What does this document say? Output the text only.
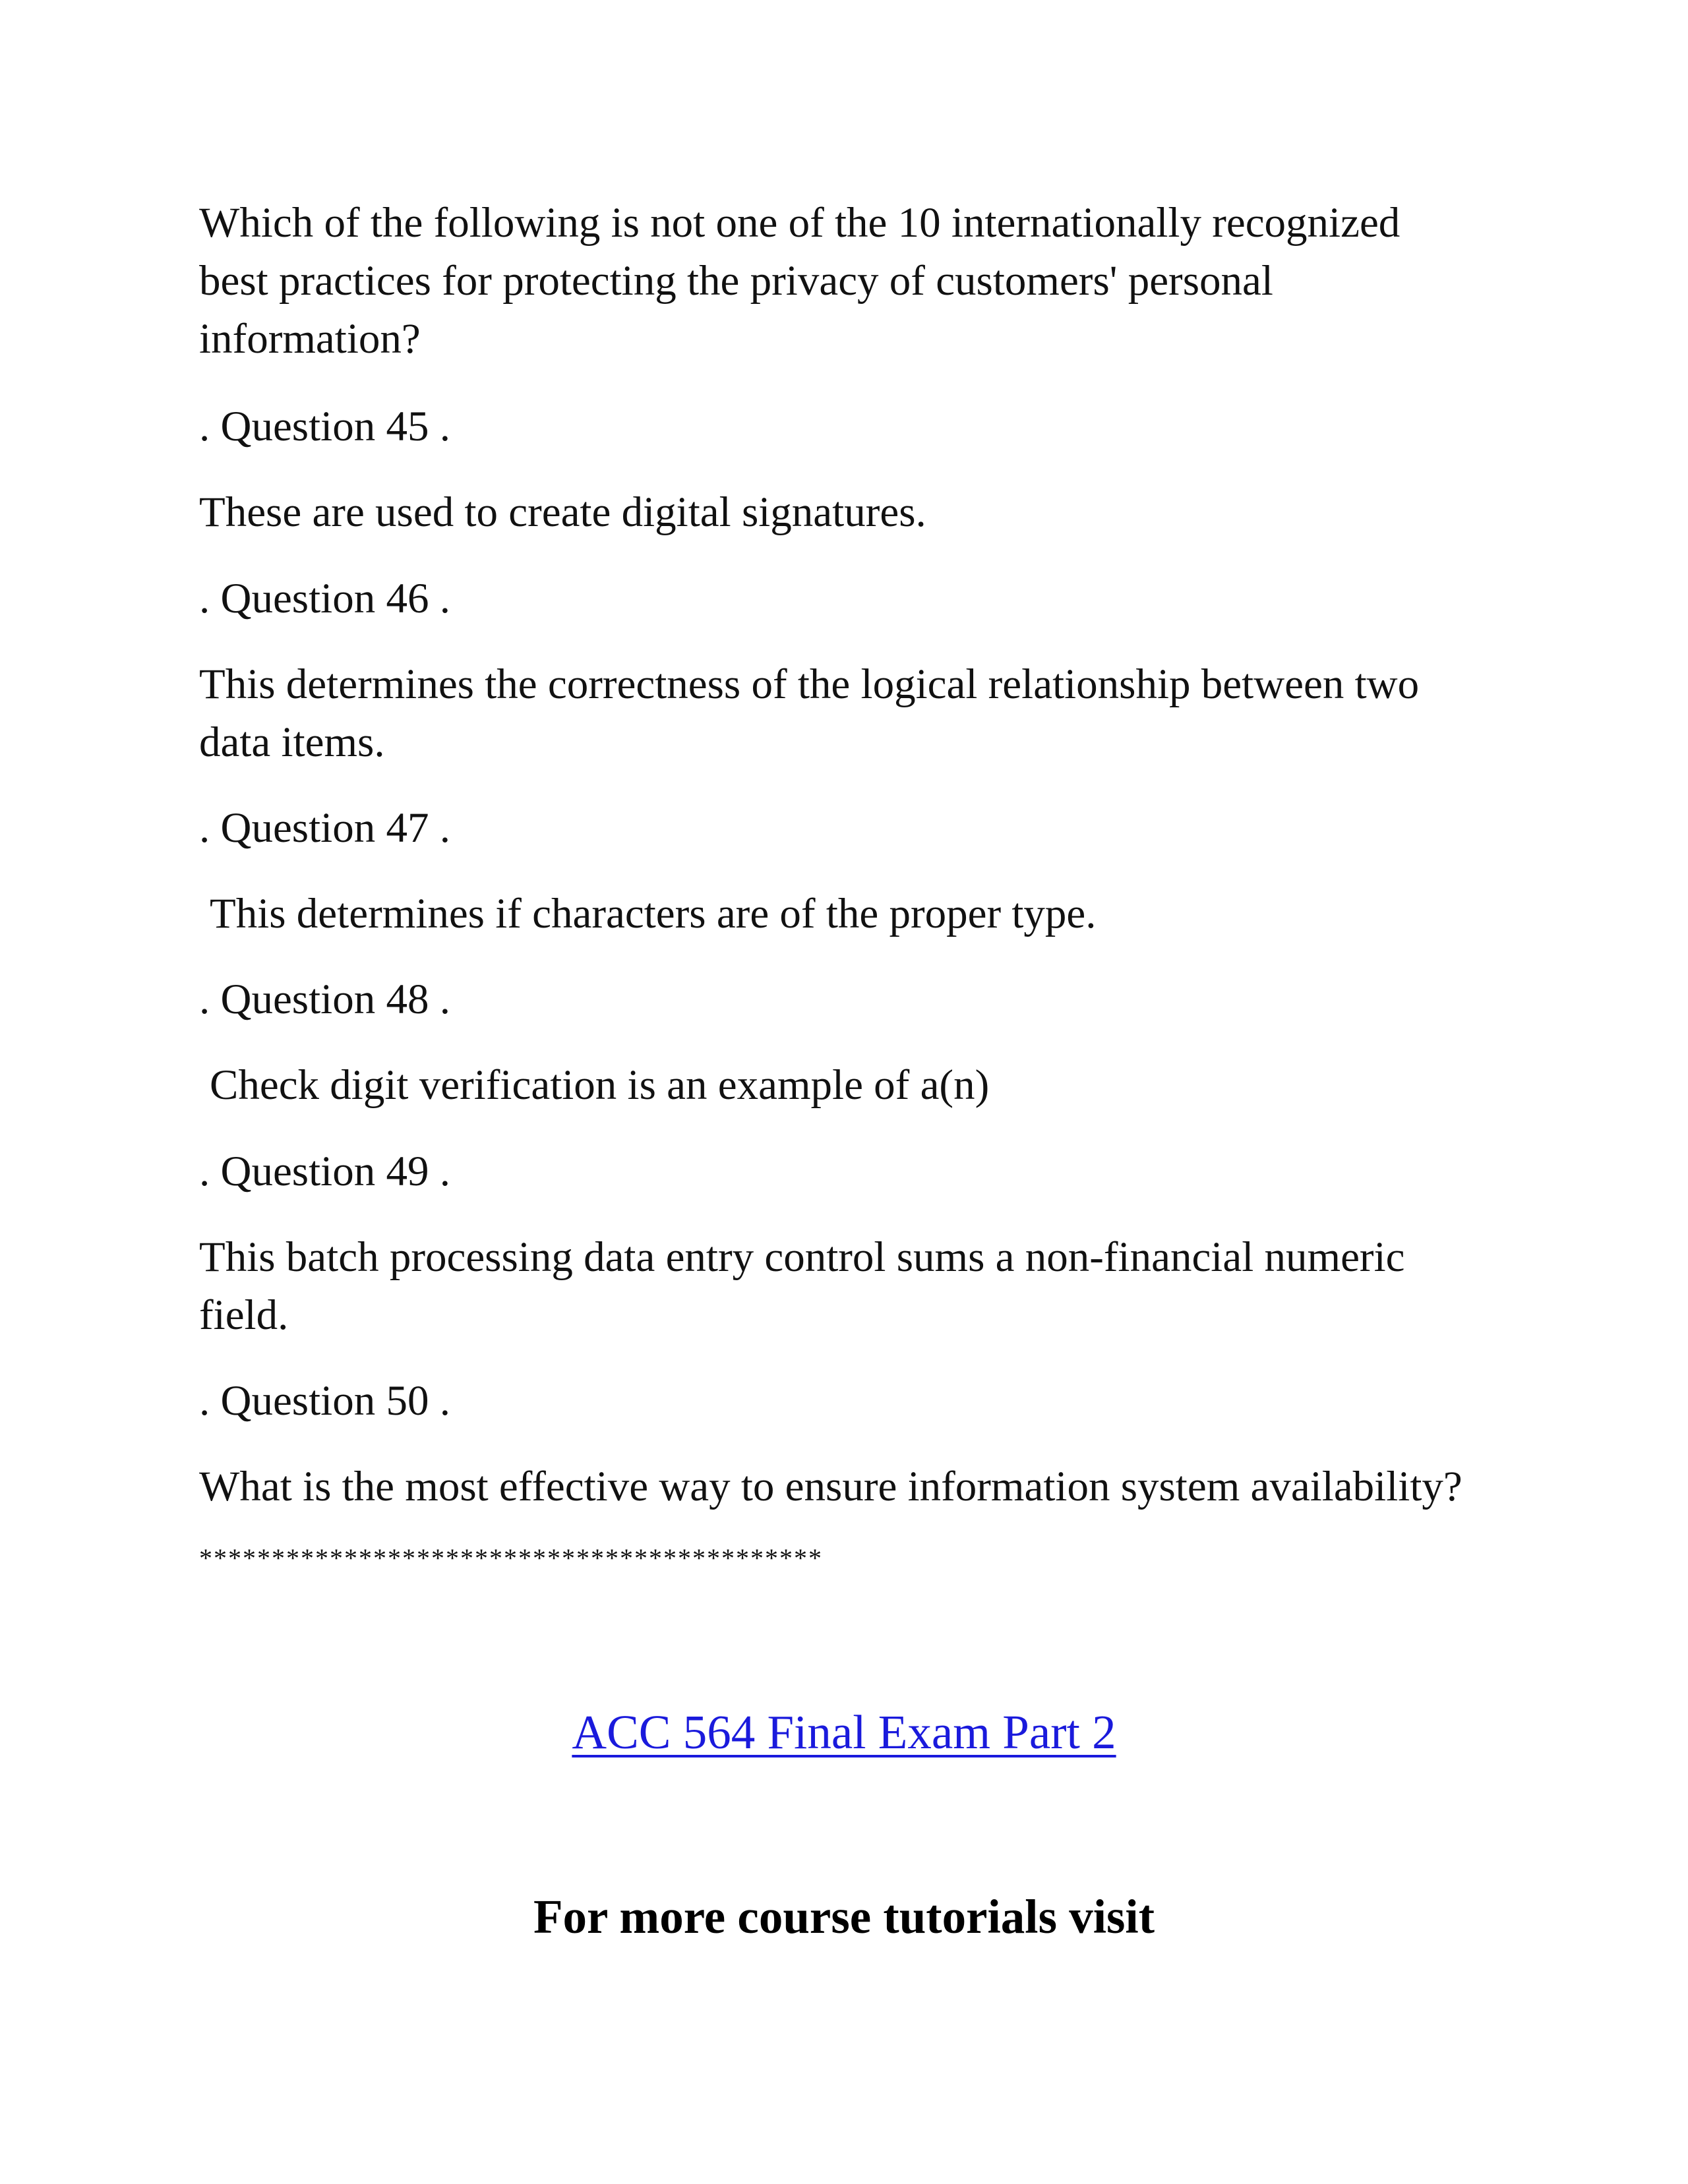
Which of the following is not one of the 10 internationally recognized
best practices for protecting the privacy of customers' personal
information?
. Question 45 .
These are used to create digital signatures.
. Question 46 .
This determines the correctness of the logical relationship between two
data items.
. Question 47 .
This determines if characters are of the proper type.
. Question 48 .
Check digit verification is an example of a(n)
. Question 49 .
This batch processing data entry control sums a non-financial numeric
field.
. Question 50 .
What is the most effective way to ensure information system availability?
*******************************************
ACC 564 Final Exam Part 2
For more course tutorials visit
